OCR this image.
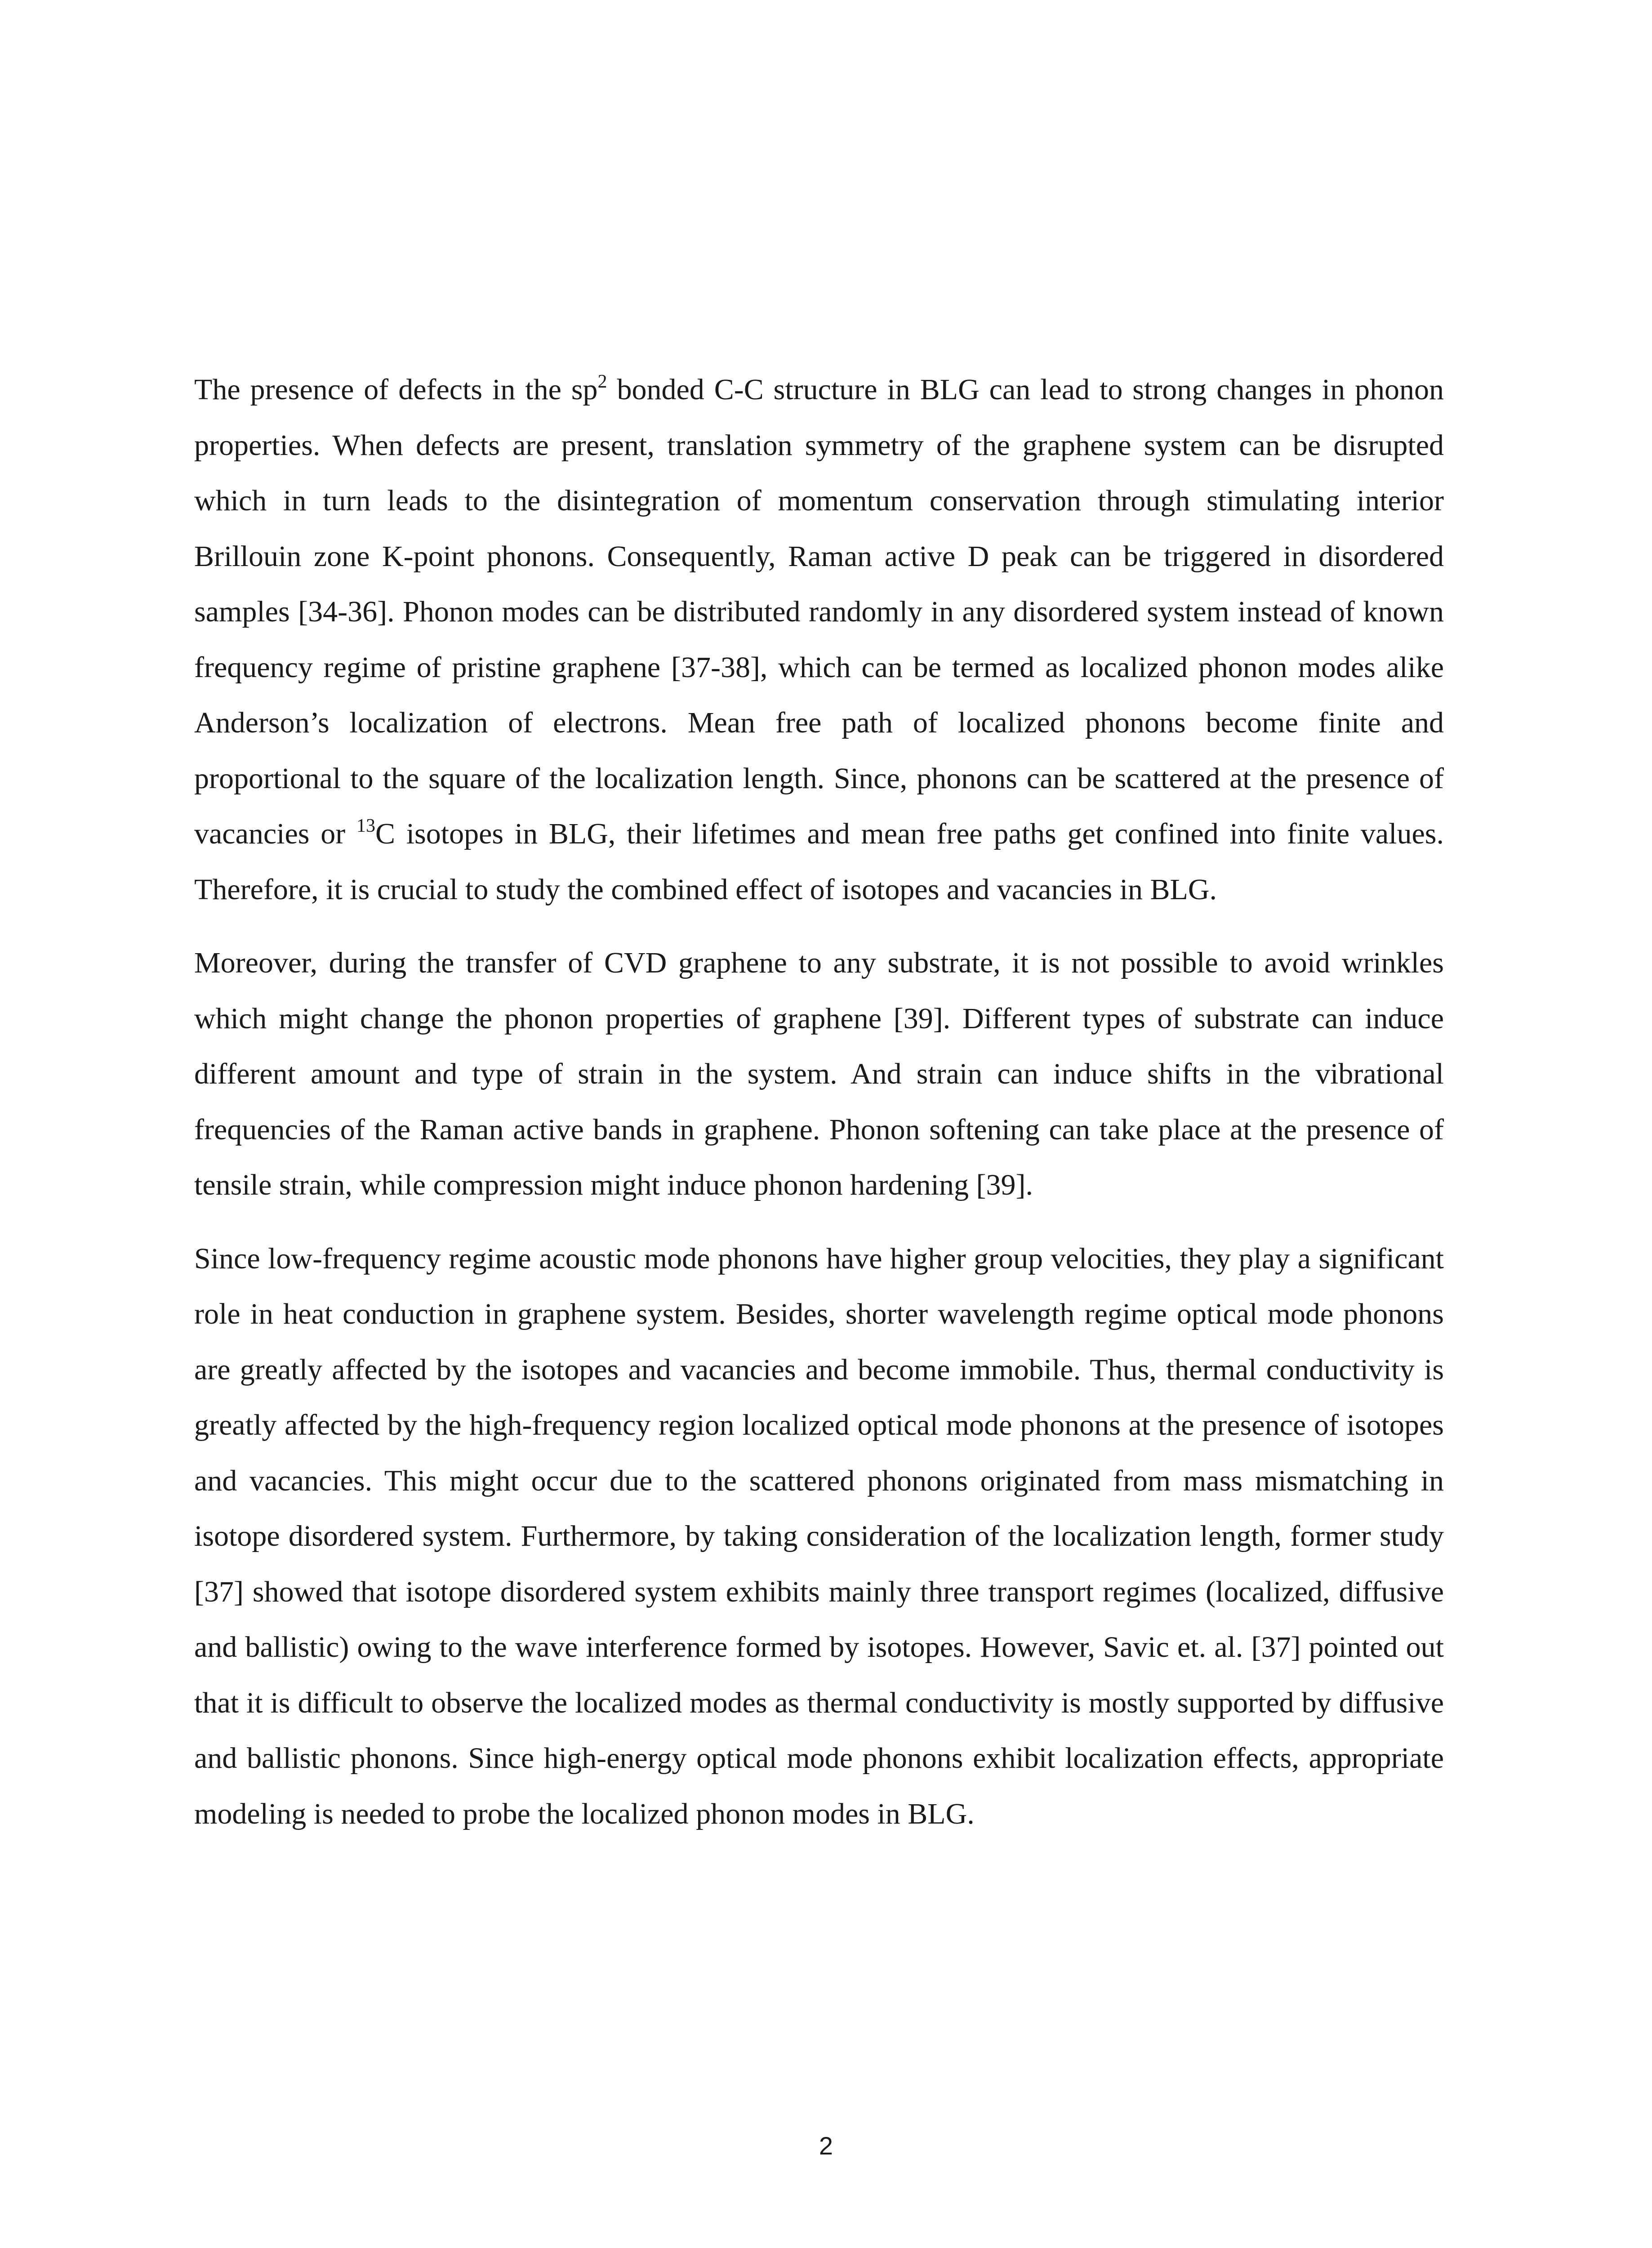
The presence of defects in the $sp^2$ bonded C-C structure in BLG can lead to strong changes in phonon properties. When defects are present, translation symmetry of the graphene system can be disrupted which in turn leads to the disintegration of momentum conservation through stimulating interior Brillouin zone K-point phonons. Consequently, Raman active D peak can be triggered in disordered samples [34-36]. Phonon modes can be distributed randomly in any disordered system instead of known frequency regime of pristine graphene [37-38], which can be termed as localized phonon modes alike Anderson’s localization of electrons. Mean free path of localized phonons become finite and proportional to the square of the localization length. Since, phonons can be scattered at the presence of vacancies or $^{13}$C isotopes in BLG, their lifetimes and mean free paths get confined into finite values. Therefore, it is crucial to study the combined effect of isotopes and vacancies in BLG.

Moreover, during the transfer of CVD graphene to any substrate, it is not possible to avoid wrinkles which might change the phonon properties of graphene [39]. Different types of substrate can induce different amount and type of strain in the system. And strain can induce shifts in the vibrational frequencies of the Raman active bands in graphene. Phonon softening can take place at the presence of tensile strain, while compression might induce phonon hardening [39].

Since low-frequency regime acoustic mode phonons have higher group velocities, they play a significant role in heat conduction in graphene system. Besides, shorter wavelength regime optical mode phonons are greatly affected by the isotopes and vacancies and become immobile. Thus, thermal conductivity is greatly affected by the high-frequency region localized optical mode phonons at the presence of isotopes and vacancies. This might occur due to the scattered phonons originated from mass mismatching in isotope disordered system. Furthermore, by taking consideration of the localization length, former study [37] showed that isotope disordered system exhibits mainly three transport regimes (localized, diffusive and ballistic) owing to the wave interference formed by isotopes. However, Savic et. al. [37] pointed out that it is difficult to observe the localized modes as thermal conductivity is mostly supported by diffusive and ballistic phonons. Since high-energy optical mode phonons exhibit localization effects, appropriate modeling is needed to probe the localized phonon modes in BLG.

2
